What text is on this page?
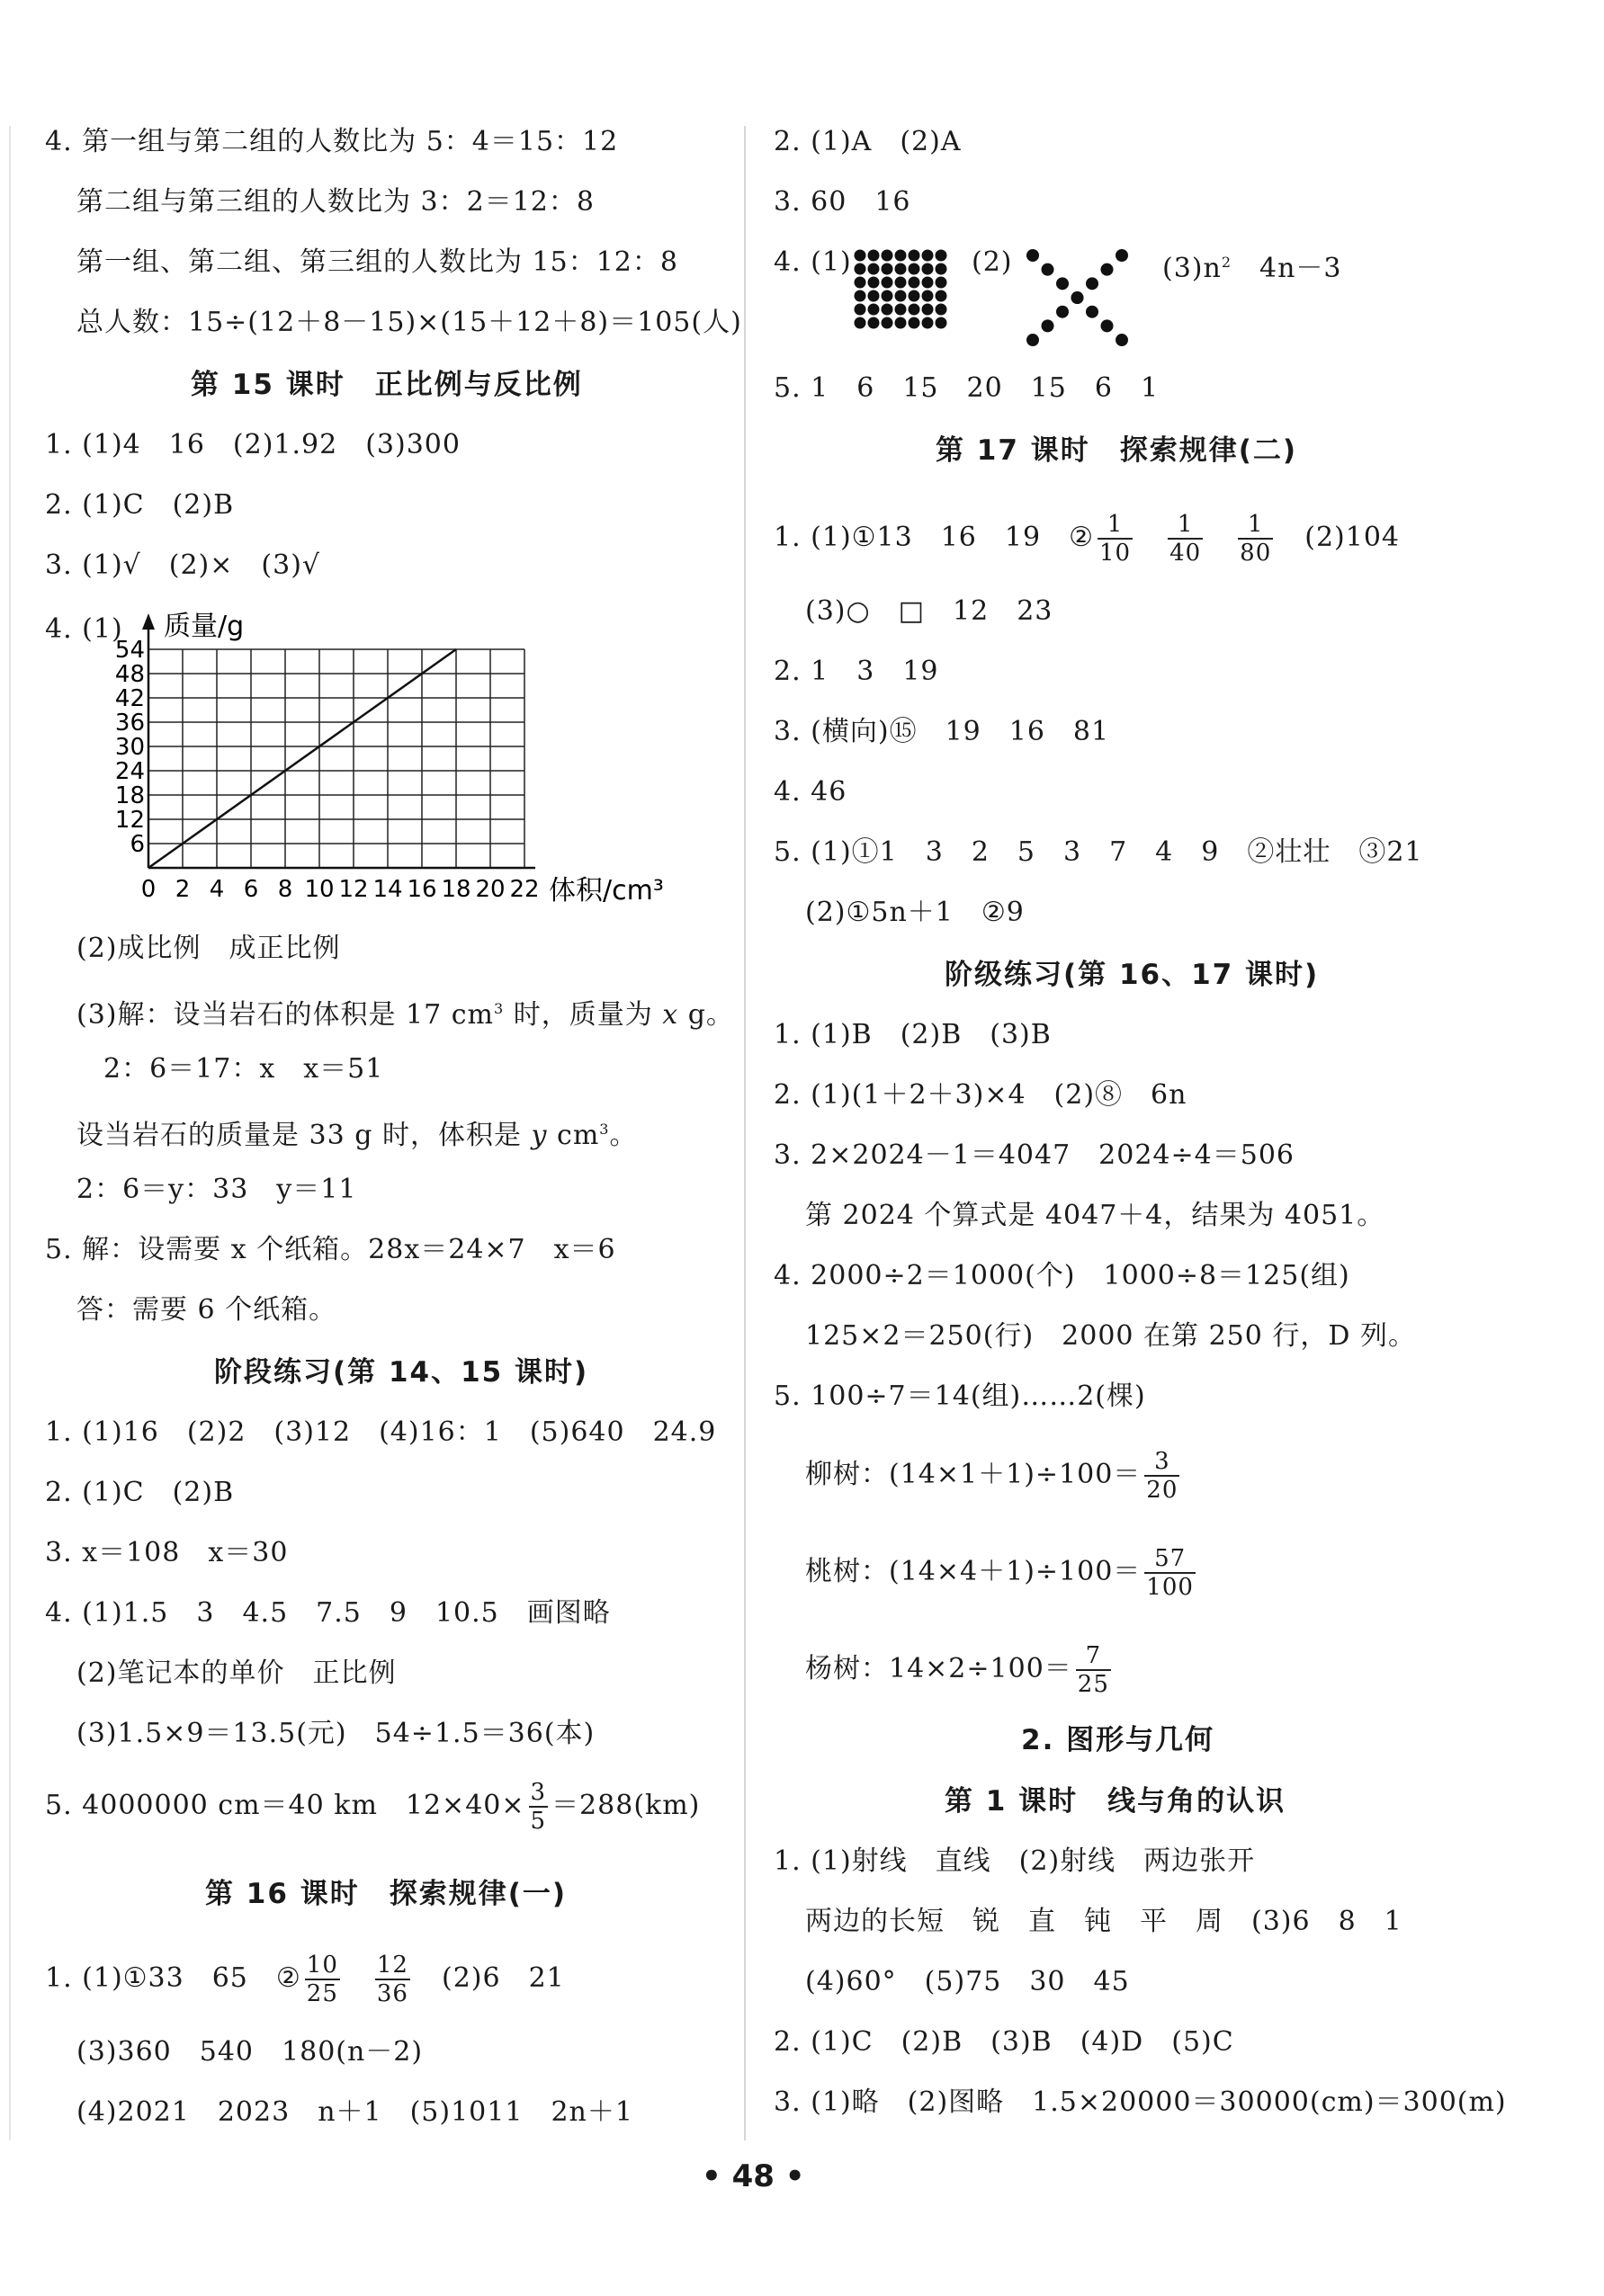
4. 第一组与第二组的人数比为 5：4＝15：12
第二组与第三组的人数比为 3：2＝12：8
第一组、第二组、第三组的人数比为 15：12：8
总人数：15÷(12＋8－15)×(15＋12＋8)＝105(人)
第 15 课时　正比例与反比例
1. (1)4　16　(2)1.92　(3)300
2. (1)C　(2)B
3. (1)√　(2)×　(3)√
4. (1)
0 2 4 6 8 10 12 14 16 18 20 22
6
12
18
24
30
36
42
48
54
质量/g
体积/cm³
(2)成比例　成正比例
(3)解：设当岩石的体积是 17 $cm^3$ 时，质量为 x g。
2：6＝17：x　x＝51
设当岩石的质量是 33 g 时，体积是 y $cm^3$。
2：6＝y：33　y＝11
5. 解：设需要 x 个纸箱。28x＝24×7　x＝6
答：需要 6 个纸箱。
阶段练习(第 14、15 课时)
1. (1)16　(2)2　(3)12　(4)16：1　(5)640　24.9
2. (1)C　(2)B
3. x＝108　x＝30
4. (1)1.5　3　4.5　7.5　9　10.5　画图略
(2)笔记本的单价　正比例
(3)1.5×9＝13.5(元)　54÷1.5＝36(本)
5. 4000000 cm＝40 km　$12\times 40\times \frac{3}{5} =288(km)$
第 16 课时　探索规律(一)
1. (1)①33　65　② $\frac{10}{25}$
　 $\frac{12}{36}$
　 (2)6　21
(3)360　540　180(n－2)
(4)2021　2023　n＋1　(5)1011　2n＋1
2. (1)A　(2)A
3. 60　16
4. (1)	(2)	$(3)n^2$　 4n－3
5. 1　6　15　20　15　6　1
第 17 课时　探索规律(二)
1. (1)①13　16　19　② $\frac{1}{10}$
　 $\frac{1}{40}$
　 $\frac{1}{80}$
　 (2)104
(3)○　 □　 12　23
2. 1　3　19
3. (横向)⑮　19　16　81
4. 46
5. (1)①1　3　2　5　3　7　4　9　②壮壮　③21
(2)①5n＋1　②9
阶级练习(第 16、17 课时)
1. (1)B　(2)B　(3)B
2. (1)(1＋2＋3)×4　(2)⑧　6n
3. 2×2024－1＝4047　2024÷4＝506
第 2024 个算式是 4047＋4，结果为 4051。
4. 2000÷2＝1000(个)　1000÷8＝125(组)
125×2＝250(行)　2000 在第 250 行，D 列。
5. 100÷7＝14(组)……2(棵)
柳树：$(14\times 1+1)\div 100= \frac{3}{20}$
桃树：$(14\times 4+1)\div 100= \frac{57}{100}$
杨树：$14\times 2\div 100= \frac{7}{25}$
2. 图形与几何
第 1 课时　线与角的认识
1. (1)射线　直线　(2)射线　两边张开
两边的长短　锐　直　钝　平　周　(3)6　8　1
(4)60°　(5)75　30　45
2. (1)C　(2)B　(3)B　(4)D　(5)C
3. (1)略　(2)图略　1.5×20000＝30000(cm)＝300(m)
• 48 •
